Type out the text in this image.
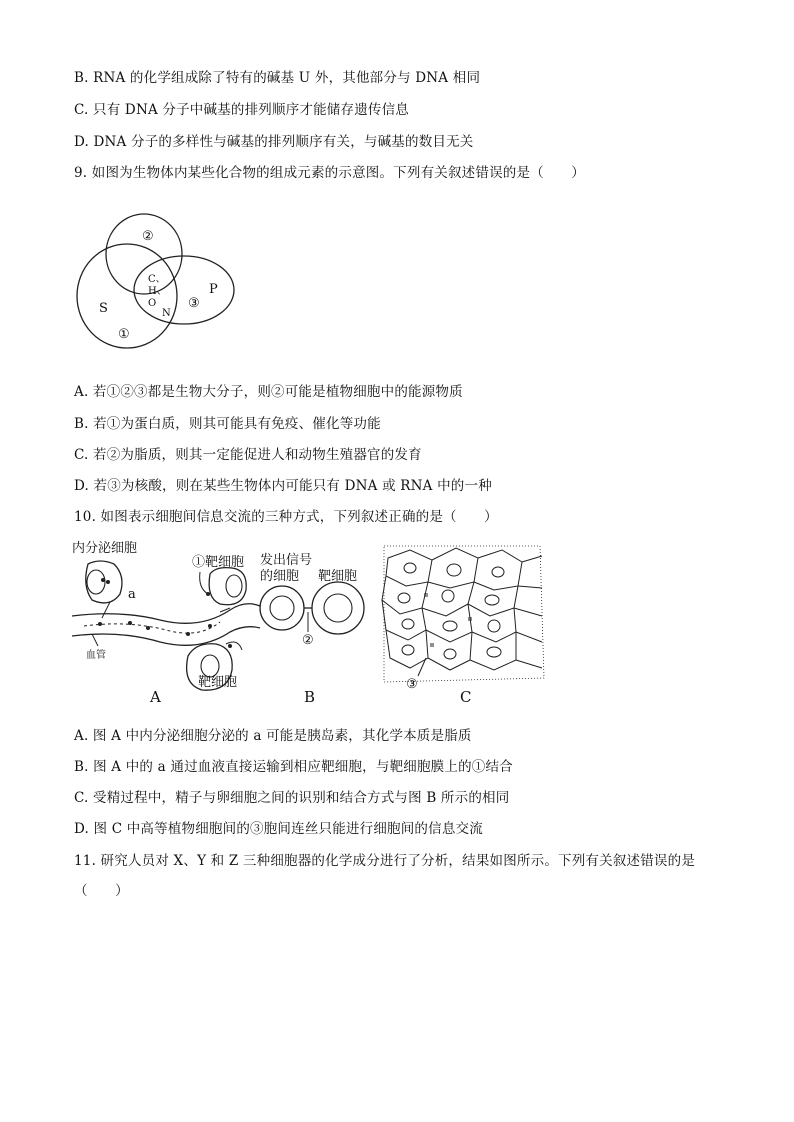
B. RNA 的化学组成除了特有的碱基 U 外，其他部分与 DNA 相同
C. 只有 DNA 分子中碱基的排列顺序才能储存遗传信息
D. DNA 分子的多样性与碱基的排列顺序有关，与碱基的数目无关
9. 如图为生物体内某些化合物的组成元素的示意图。下列有关叙述错误的是（　　）
C、
H、
O
N
S
P
②
①
③
A. 若①②③都是生物大分子，则②可能是植物细胞中的能源物质
B. 若①为蛋白质，则其可能具有免疫、催化等功能
C. 若②为脂质，则其一定能促进人和动物生殖器官的发育
D. 若③为核酸，则在某些生物体内可能只有 DNA 或 RNA 中的一种
10. 如图表示细胞间信息交流的三种方式，下列叙述正确的是（　　）
内分泌细胞
a
血管
①靶细胞
靶细胞
A
发出信号
的细胞 靶细胞
②
B
③
C
A. 图 A 中内分泌细胞分泌的 a 可能是胰岛素，其化学本质是脂质
B. 图 A 中的 a 通过血液直接运输到相应靶细胞，与靶细胞膜上的①结合
C. 受精过程中，精子与卵细胞之间的识别和结合方式与图 B 所示的相同
D. 图 C 中高等植物细胞间的③胞间连丝只能进行细胞间的信息交流
11. 研究人员对 X、Y 和 Z 三种细胞器的化学成分进行了分析，结果如图所示。下列有关叙述错误的是
（　　）
